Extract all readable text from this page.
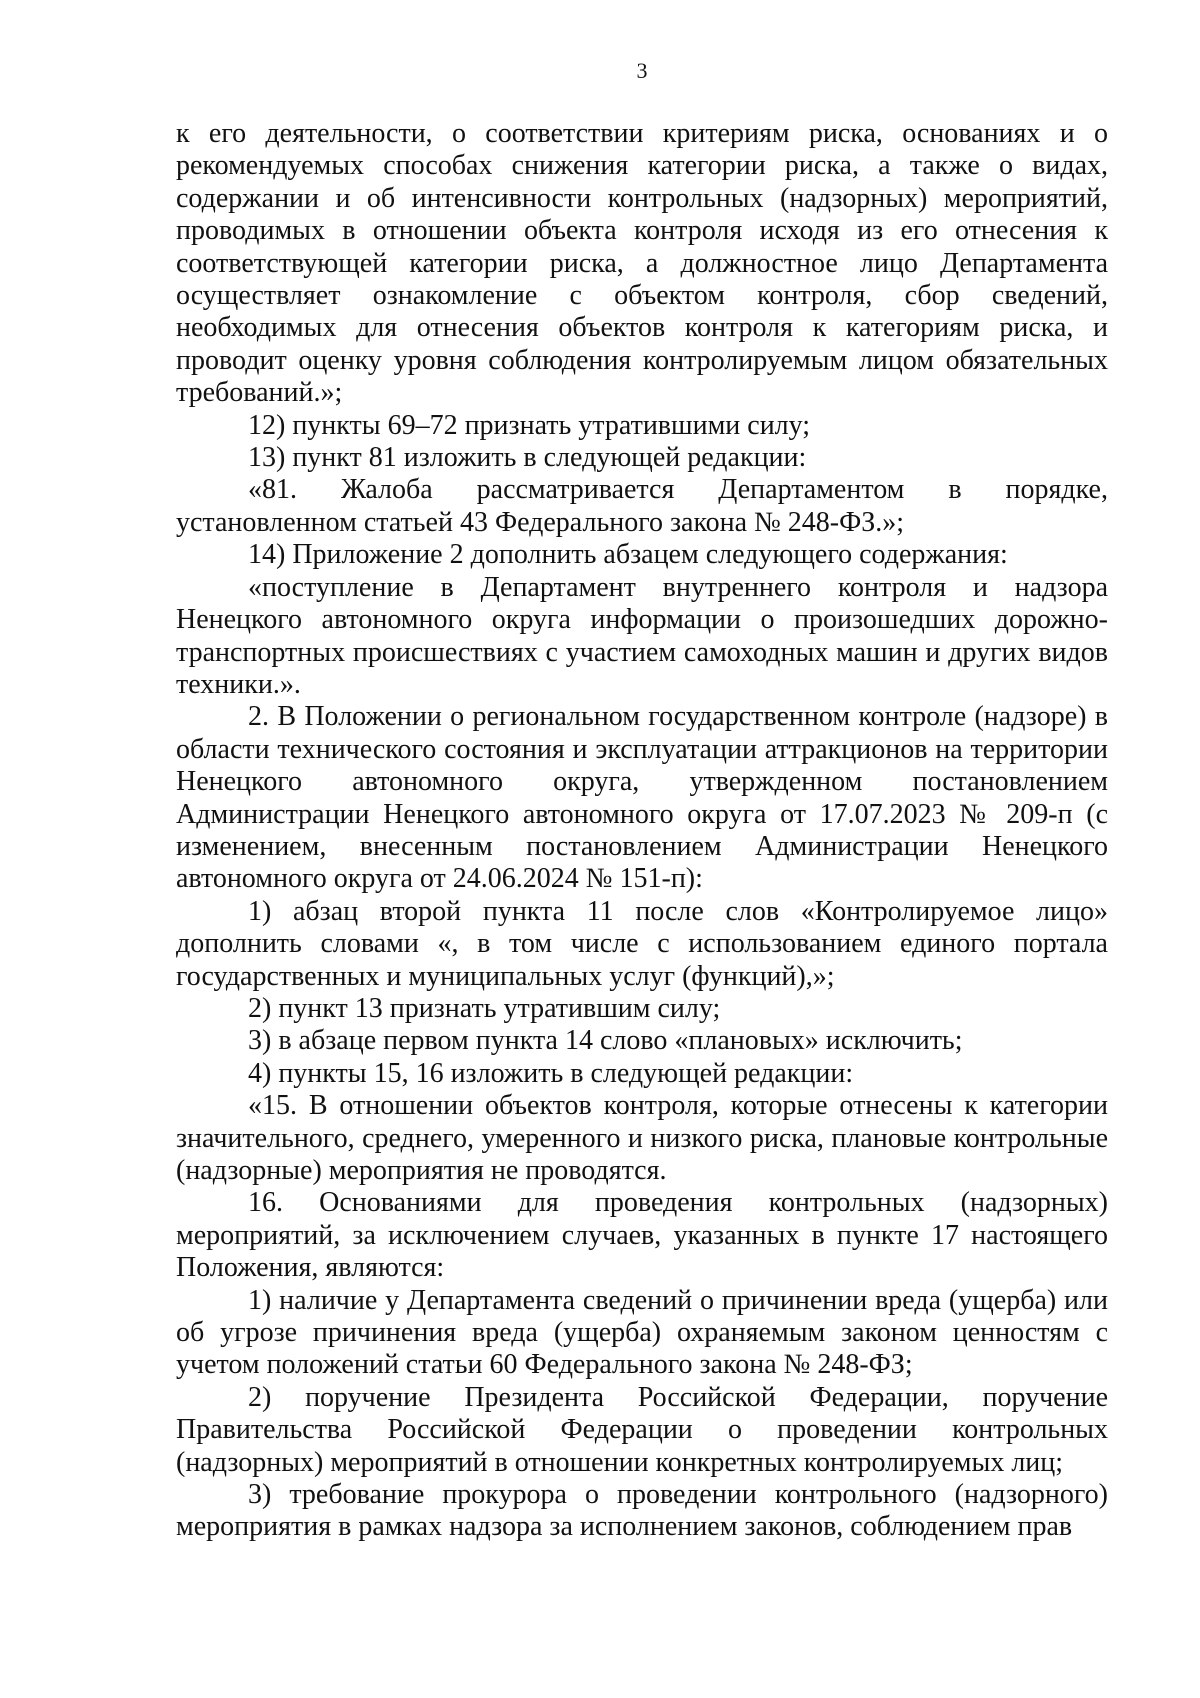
3

к его деятельности, о соответствии критериям риска, основаниях и о рекомендуемых способах снижения категории риска, а также о видах, содержании и об интенсивности контрольных (надзорных) мероприятий, проводимых в отношении объекта контроля исходя из его отнесения к соответствующей категории риска, а должностное лицо Департамента осуществляет ознакомление с объектом контроля, сбор сведений, необходимых для отнесения объектов контроля к категориям риска, и проводит оценку уровня соблюдения контролируемым лицом обязательных требований.»;

12) пункты 69–72 признать утратившими силу;

13) пункт 81 изложить в следующей редакции:

«81. Жалоба рассматривается Департаментом в порядке, установленном статьей 43 Федерального закона № 248-ФЗ.»;

14) Приложение 2 дополнить абзацем следующего содержания:

«поступление в Департамент внутреннего контроля и надзора Ненецкого автономного округа информации о произошедших дорожно-транспортных происшествиях с участием самоходных машин и других видов техники.».

2. В Положении о региональном государственном контроле (надзоре) в области технического состояния и эксплуатации аттракционов на территории Ненецкого автономного округа, утвержденном постановлением Администрации Ненецкого автономного округа от 17.07.2023 № 209-п (с изменением, внесенным постановлением Администрации Ненецкого автономного округа от 24.06.2024 № 151-п):

1) абзац второй пункта 11 после слов «Контролируемое лицо» дополнить словами «, в том числе с использованием единого портала государственных и муниципальных услуг (функций),»;

2) пункт 13 признать утратившим силу;

3) в абзаце первом пункта 14 слово «плановых» исключить;

4) пункты 15, 16 изложить в следующей редакции:

«15. В отношении объектов контроля, которые отнесены к категории значительного, среднего, умеренного и низкого риска, плановые контрольные (надзорные) мероприятия не проводятся.

16. Основаниями для проведения контрольных (надзорных) мероприятий, за исключением случаев, указанных в пункте 17 настоящего Положения, являются:

1) наличие у Департамента сведений о причинении вреда (ущерба) или об угрозе причинения вреда (ущерба) охраняемым законом ценностям с учетом положений статьи 60 Федерального закона № 248-ФЗ;

2) поручение Президента Российской Федерации, поручение Правительства Российской Федерации о проведении контрольных (надзорных) мероприятий в отношении конкретных контролируемых лиц;

3) требование прокурора о проведении контрольного (надзорного) мероприятия в рамках надзора за исполнением законов, соблюдением прав
